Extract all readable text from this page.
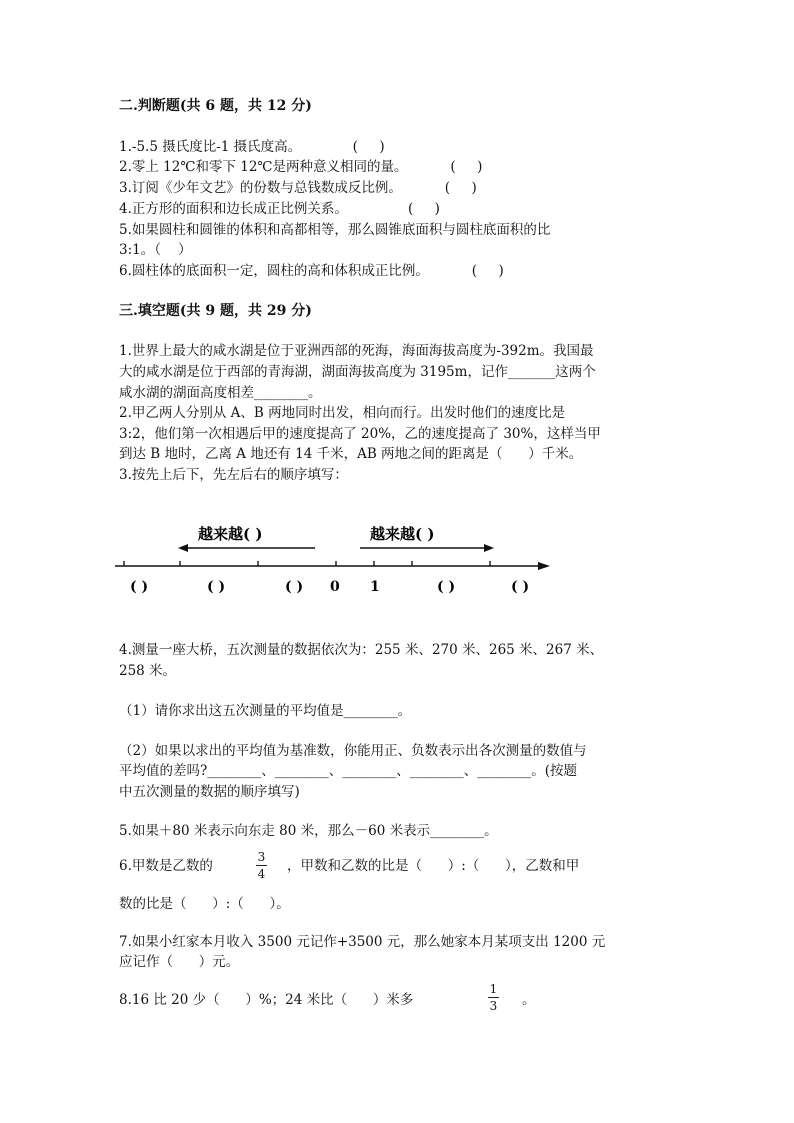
二.判断题(共 6 题，共 12 分)
1.-5.5 摄氏度比-1 摄氏度高。            (     )
2.零上 12℃和零下 12℃是两种意义相同的量。          (     )
3.订阅《少年文艺》的份数与总钱数成反比例。          (     )
4.正方形的面积和边长成正比例关系。              (     )
5.如果圆柱和圆锥的体积和高都相等，那么圆锥底面积与圆柱底面积的比
3:1。（    ）
6.圆柱体的底面积一定，圆柱的高和体积成正比例。          (     )
三.填空题(共 9 题，共 29 分)
1.世界上最大的咸水湖是位于亚洲西部的死海，海面海拔高度为-392m。我国最
大的咸水湖是位于西部的青海湖，湖面海拔高度为 3195m，记作_______这两个
咸水湖的湖面高度相差________。
2.甲乙两人分别从 A、B 两地同时出发，相向而行。出发时他们的速度比是
3:2，他们第一次相遇后甲的速度提高了 20%，乙的速度提高了 30%，这样当甲
到达 B 地时，乙离 A 地还有 14 千米，AB 两地之间的距离是（      ）千米。
3.按先上后下，先左后右的顺序填写：
越来越( )	越来越( )
( )	( )	( ) 0 1	( )	( )
4.测量一座大桥，五次测量的数据依次为：255 米、270 米、265 米、267 米、
258 米。
（1）请你求出这五次测量的平均值是________。
（2）如果以求出的平均值为基准数，你能用正、负数表示出各次测量的数值与
平均值的差吗?________、________、________、________、________。(按题
中五次测量的数据的顺序填写)
5.如果＋80 米表示向东走 80 米，那么－60 米表示________。
6.甲数是乙数的
3
4 ，甲数和乙数的比是（      ）:（      ），乙数和甲
数的比是（      ）:（      ）。
7.如果小红家本月收入 3500 元记作+3500 元，那么她家本月某项支出 1200 元
应记作（      ）元。
8.16 比 20 少（      ）%；24 米比（      ）米多
1
3 。
